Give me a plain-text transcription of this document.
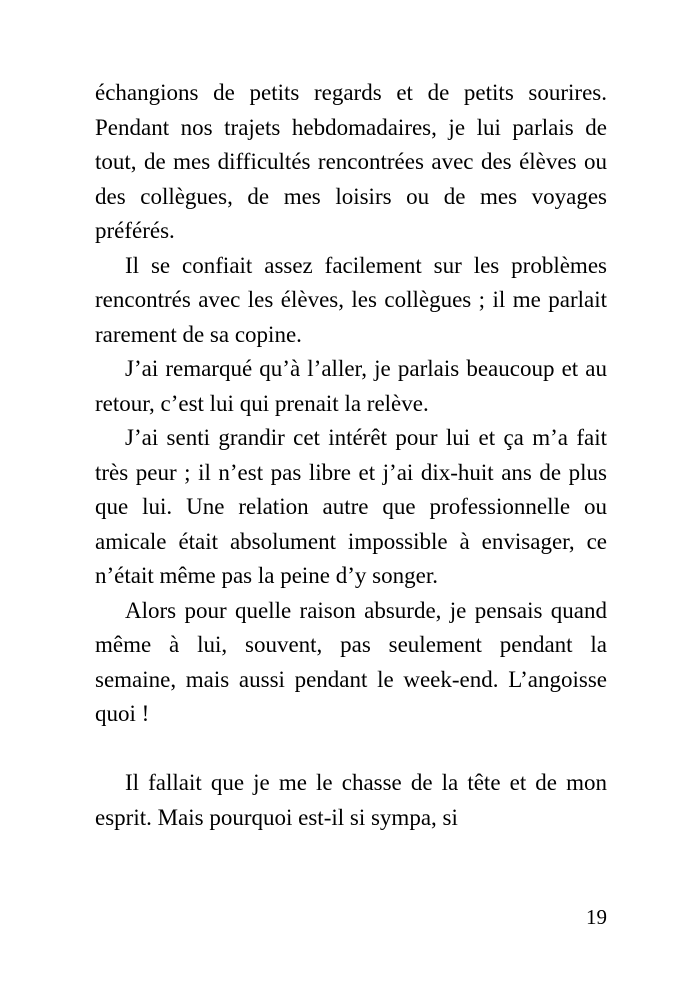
échangions de petits regards et de petits sourires. Pendant nos trajets hebdomadaires, je lui parlais de tout, de mes difficultés rencontrées avec des élèves ou des collègues, de mes loisirs ou de mes voyages préférés.

Il se confiait assez facilement sur les problèmes rencontrés avec les élèves, les collègues ; il me parlait rarement de sa copine.

J’ai remarqué qu’à l’aller, je parlais beaucoup et au retour, c’est lui qui prenait la relève.

J’ai senti grandir cet intérêt pour lui et ça m’a fait très peur ; il n’est pas libre et j’ai dix-huit ans de plus que lui. Une relation autre que professionnelle ou amicale était absolument impossible à envisager, ce n’était même pas la peine d’y songer.

Alors pour quelle raison absurde, je pensais quand même à lui, souvent, pas seulement pendant la semaine, mais aussi pendant le week-end. L’angoisse quoi !

Il fallait que je me le chasse de la tête et de mon esprit. Mais pourquoi est-il si sympa, si

19
